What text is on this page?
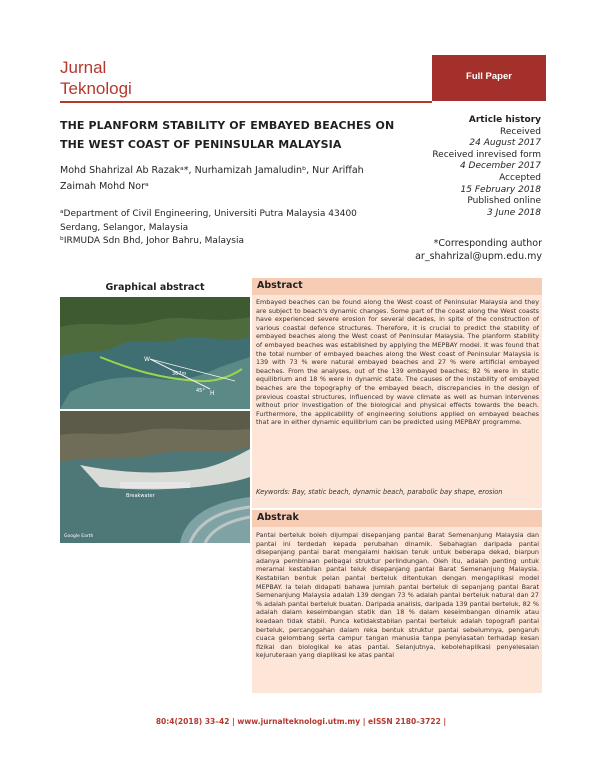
Jurnal
Teknologi
Full Paper
THE PLANFORM STABILITY OF EMBAYED BEACHES ON THE WEST COAST OF PENINSULAR MALAYSIA
Mohd Shahrizal Ab Razakᵃ*, Nurhamizah Jamaludinᵇ, Nur Ariffah
Zaimah Mohd Norᵃ
ᵃDepartment of Civil Engineering, Universiti Putra Malaysia 43400
Serdang, Selangor, Malaysia
ᵇIRMUDA Sdn Bhd, Johor Bahru, Malaysia
Article history
Received
24 August 2017
Received inrevised form
4 December 2017
Accepted
15 February 2018
Published online
3 June 2018
*Corresponding author
ar_shahrizal@upm.edu.my
Graphical abstract
W
367m
45° H
Breakwater
Google Earth
Abstract
Embayed beaches can be found along the West coast of Peninsular Malaysia and they are subject to beach's dynamic changes. Some part of the coast along the West coasts have experienced severe erosion for several decades, in spite of the construction of various coastal defence structures. Therefore, it is crucial to predict the stability of embayed beaches along the West coast of Peninsular Malaysia. The planform stability of embayed beaches was established by applying the MEPBAY model. It was found that the total number of embayed beaches along the West coast of Peninsular Malaysia is 139 with 73 % were natural embayed beaches and 27 % were artificial embayed beaches. From the analyses, out of the 139 embayed beaches; 82 % were in static equilibrium and 18 % were in dynamic state. The causes of the instability of embayed beaches are the topography of the embayed beach, discrepancies in the design of previous coastal structures, influenced by wave climate as well as human intervenes without prior investigation of the biological and physical effects towards the beach. Furthermore, the applicability of engineering solutions applied on embayed beaches that are in either dynamic equilibrium can be predicted using MEPBAY programme.
Keywords: Bay, static beach, dynamic beach, parabolic bay shape, erosion
Abstrak
Pantai berteluk boleh dijumpai disepanjang pantai Barat Semenanjung Malaysia dan pantai ini terdedah kepada perubahan dinamik. Sebahagian daripada pantai disepanjang pantai barat mengalami hakisan teruk untuk beberapa dekad, biarpun adanya pembinaan pelbagai struktur perlindungan. Oleh itu, adalah penting untuk meramal kestabilan pantai teluk disepanjang pantai Barat Semenanjung Malaysia. Kestabilan bentuk pelan pantai berteluk ditentukan dengan mengaplikasi model MEPBAY. Ia telah didapati bahawa jumlah pantai berteluk di sepanjang pantai Barat Semenanjung Malaysia adalah 139 dengan 73 % adalah pantai berteluk natural dan 27 % adalah pantai berteluk buatan. Daripada analisis, daripada 139 pantai berteluk, 82 % adalah dalam keseimbangan statik dan 18 % dalam keseimbangan dinamik atau keadaan tidak stabil. Punca ketidakstabilan pantai berteluk adalah topografi pantai berteluk, percanggahan dalam reka bentuk struktur pantai sebelumnya, pengaruh cuaca gelombang serta campur tangan manusia tanpa penyiasatan terhadap kesan fizikal dan biologikal ke atas pantai. Selanjutnya, kebolehaplikasi penyelesaian kejuruteraan yang diaplikasi ke atas pantai
80:4(2018) 33–42 | www.jurnalteknologi.utm.my | eISSN 2180–3722 |
